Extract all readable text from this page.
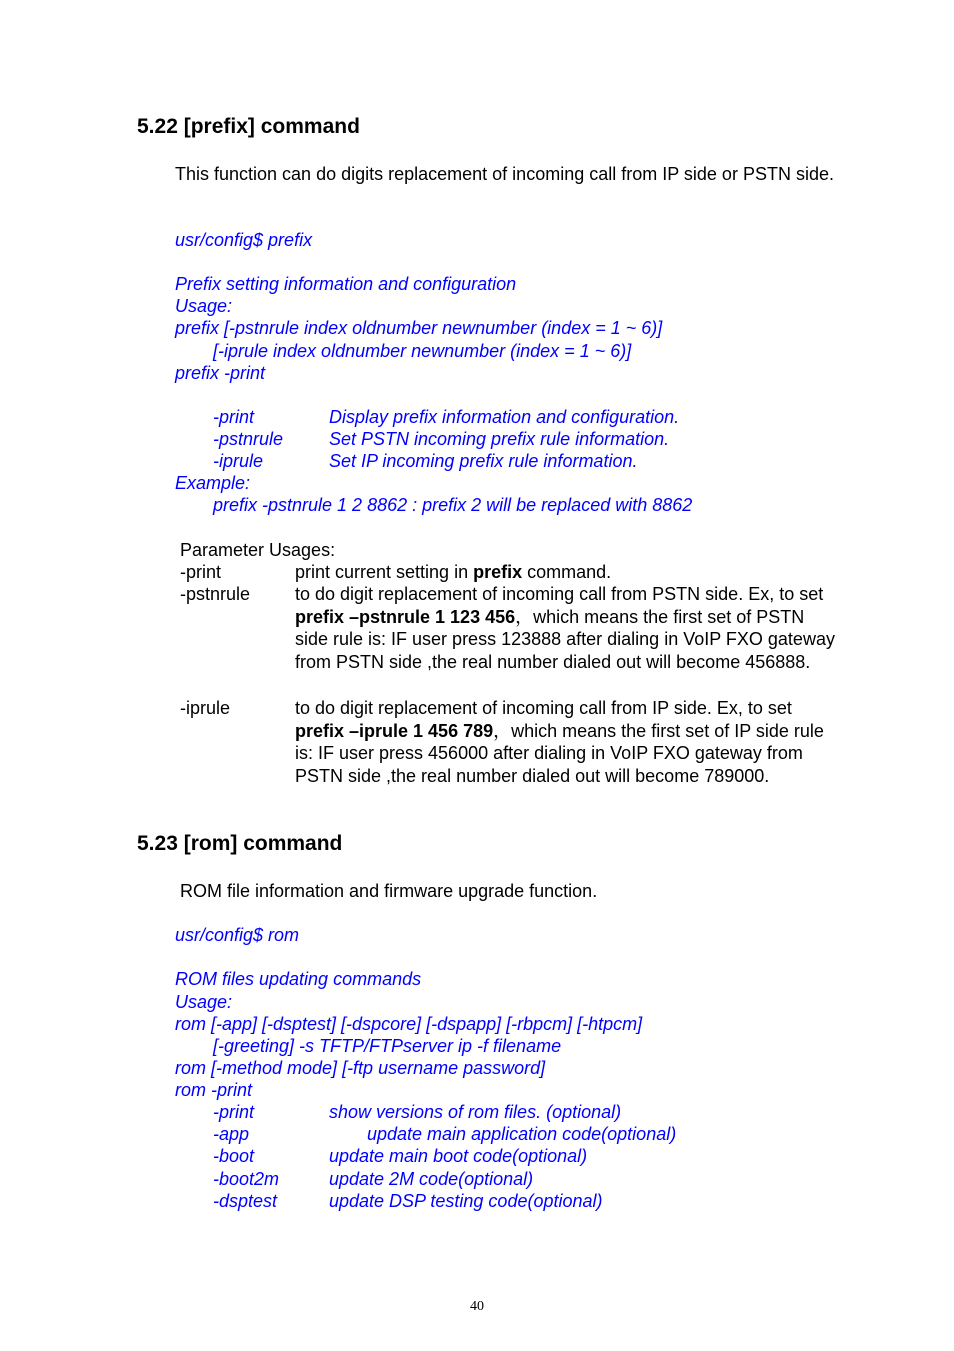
5.22 [prefix] command

This function can do digits replacement of incoming call from IP side or PSTN side.

usr/config$ prefix

Prefix setting information and configuration

Usage:

prefix [-pstnrule index oldnumber newnumber (index = 1 ~ 6)]

[-iprule index oldnumber newnumber (index = 1 ~ 6)]

prefix -print

-print	Display prefix information and configuration.
-pstnrule	Set PSTN incoming prefix rule information.
-iprule	Set IP incoming prefix rule information.

Example:

prefix -pstnrule 1 2 8862 : prefix 2 will be replaced with 8862

Parameter Usages:

-print	print current setting in prefix command.
-pstnrule to do digit replacement of incoming call from PSTN side. Ex, to set prefix –pstnrule 1 123 456，which means the first set of PSTN side rule is: IF user press 123888 after dialing in VoIP FXO gateway from PSTN side ,the real number dialed out will become 456888.
-iprule	to do digit replacement of incoming call from IP side. Ex, to set prefix –iprule 1 456 789，which means the first set of IP side rule is: IF user press 456000 after dialing in VoIP FXO gateway from PSTN side ,the real number dialed out will become 789000.
5.23 [rom] command

ROM file information and firmware upgrade function.

usr/config$ rom

ROM files updating commands

Usage:

rom [-app] [-dsptest] [-dspcore] [-dspapp] [-rbpcm] [-htpcm]

[-greeting] -s TFTP/FTPserver ip -f filename

rom [-method mode] [-ftp username password]

rom -print

-print	show versions of rom files. (optional)
-app	update main application code(optional)
-boot	update main boot code(optional)
-boot2m	update 2M code(optional)
-dsptest	update DSP testing code(optional)
40
